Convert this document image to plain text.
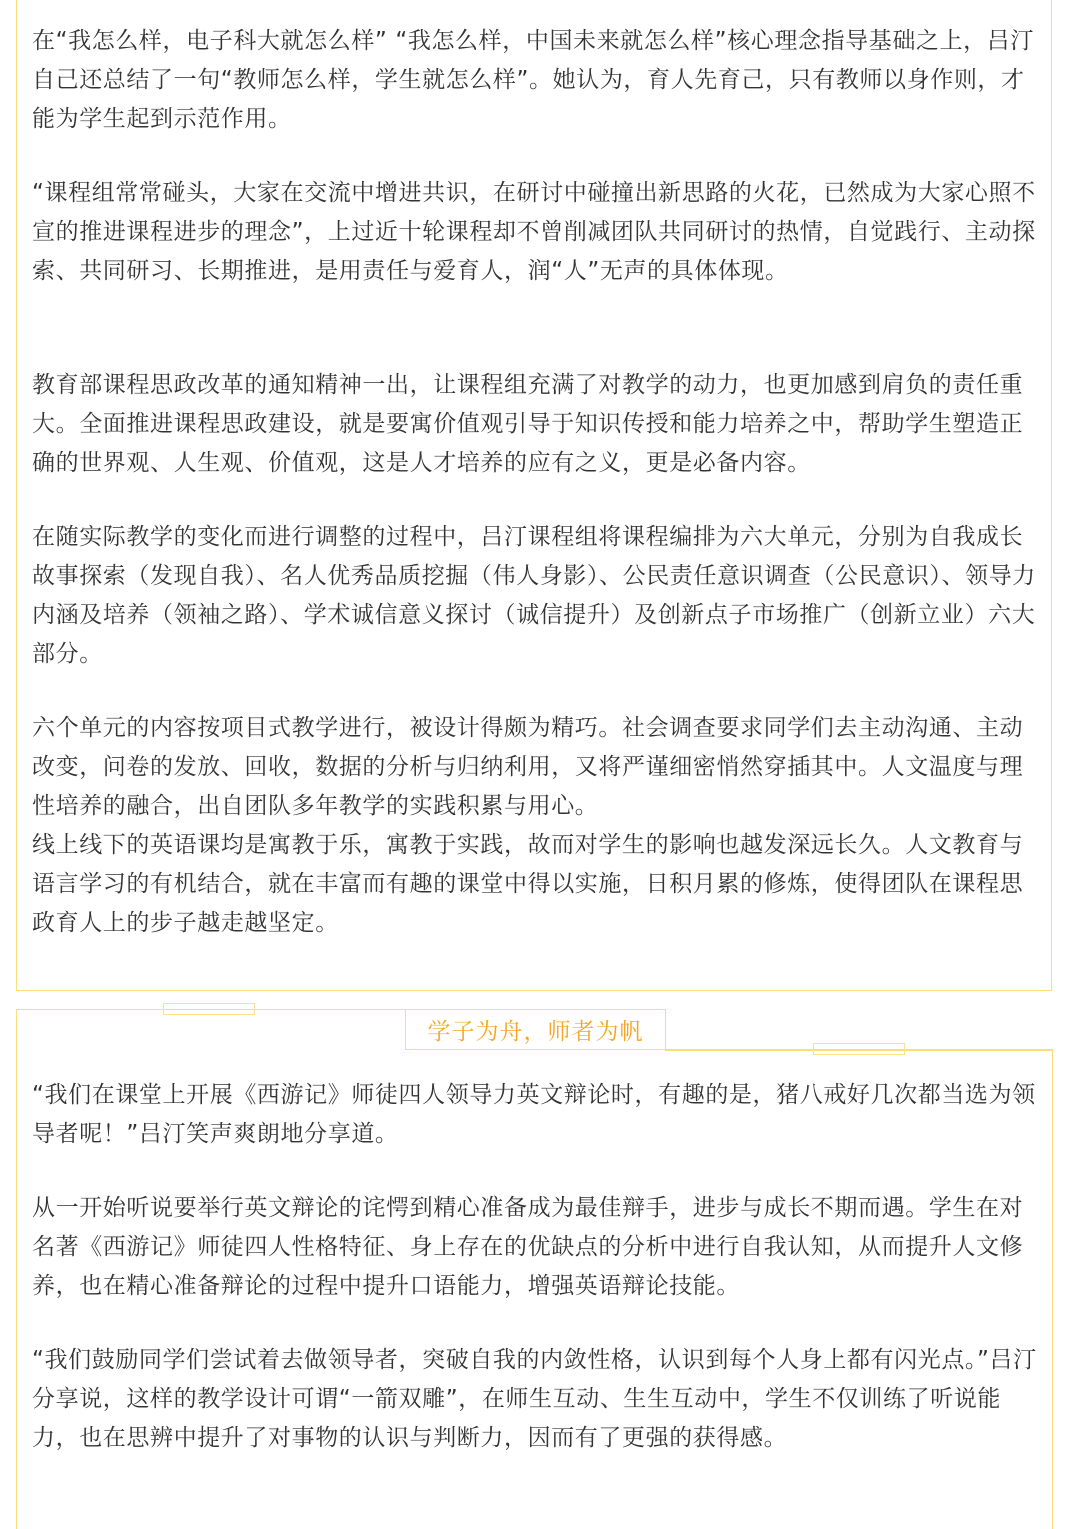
在“我怎么样，电子科大就怎么样” “我怎么样，中国未来就怎么样”核心理念指导基础之上，吕汀自己还总结了一句“教师怎么样，学生就怎么样”。她认为，育人先育己，只有教师以身作则，才能为学生起到示范作用。

“课程组常常碰头，大家在交流中增进共识，在研讨中碰撞出新思路的火花，已然成为大家心照不宣的推进课程进步的理念”，上过近十轮课程却不曾削减团队共同研讨的热情，自觉践行、主动探索、共同研习、长期推进，是用责任与爱育人，润“人”无声的具体体现。

教育部课程思政改革的通知精神一出，让课程组充满了对教学的动力，也更加感到肩负的责任重大。全面推进课程思政建设，就是要寓价值观引导于知识传授和能力培养之中，帮助学生塑造正确的世界观、人生观、价值观，这是人才培养的应有之义，更是必备内容。

在随实际教学的变化而进行调整的过程中，吕汀课程组将课程编排为六大单元，分别为自我成长故事探索（发现自我）、名人优秀品质挖掘（伟人身影）、公民责任意识调查（公民意识）、领导力内涵及培养（领袖之路）、学术诚信意义探讨（诚信提升）及创新点子市场推广（创新立业）六大部分。

六个单元的内容按项目式教学进行，被设计得颇为精巧。社会调查要求同学们去主动沟通、主动改变，问卷的发放、回收，数据的分析与归纳利用，又将严谨细密悄然穿插其中。人文温度与理性培养的融合，出自团队多年教学的实践积累与用心。

线上线下的英语课均是寓教于乐，寓教于实践，故而对学生的影响也越发深远长久。人文教育与语言学习的有机结合，就在丰富而有趣的课堂中得以实施，日积月累的修炼，使得团队在课程思政育人上的步子越走越坚定。

学子为舟，师者为帆

“我们在课堂上开展《西游记》师徒四人领导力英文辩论时，有趣的是，猪八戒好几次都当选为领导者呢！”吕汀笑声爽朗地分享道。

从一开始听说要举行英文辩论的诧愕到精心准备成为最佳辩手，进步与成长不期而遇。学生在对名著《西游记》师徒四人性格特征、身上存在的优缺点的分析中进行自我认知，从而提升人文修养，也在精心准备辩论的过程中提升口语能力，增强英语辩论技能。

“我们鼓励同学们尝试着去做领导者，突破自我的内敛性格，认识到每个人身上都有闪光点。”吕汀分享说，这样的教学设计可谓“一箭双雕”，在师生互动、生生互动中，学生不仅训练了听说能力，也在思辨中提升了对事物的认识与判断力，因而有了更强的获得感。
